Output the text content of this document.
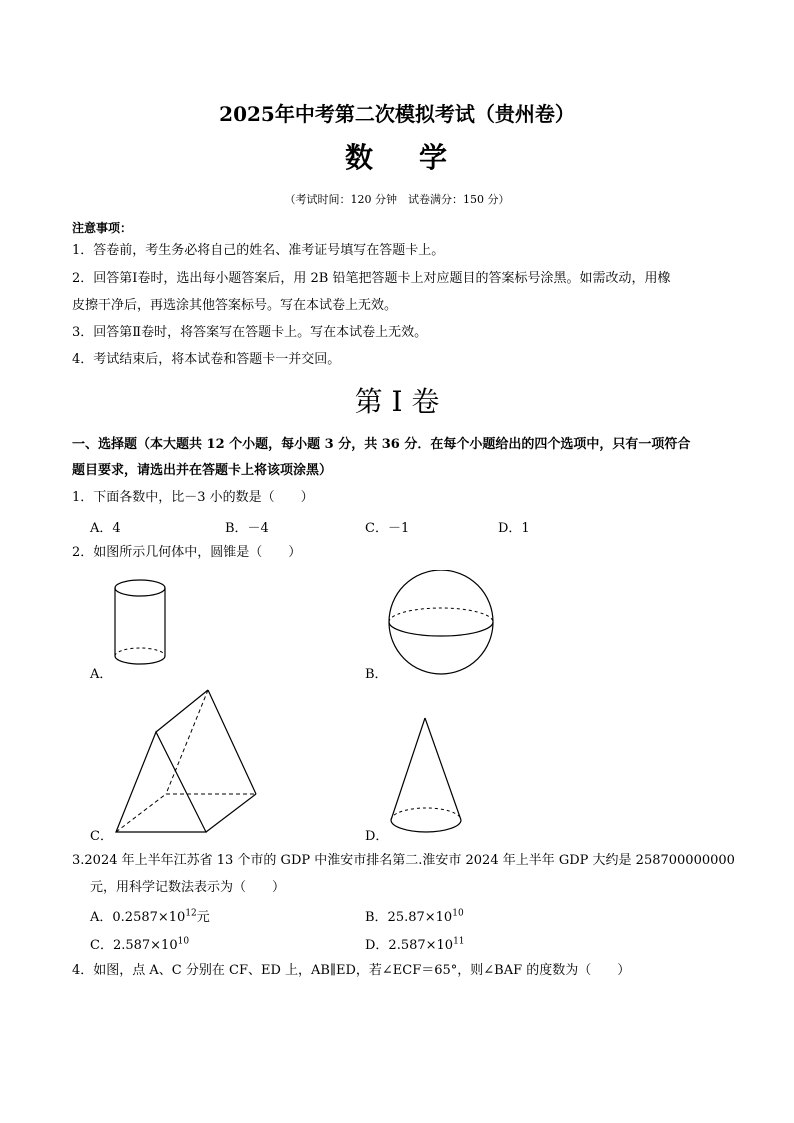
2025年中考第二次模拟考试（贵州卷）
数 学
（考试时间：120 分钟　试卷满分：150 分）
注意事项：
1．答卷前，考生务必将自己的姓名、准考证号填写在答题卡上。
2．回答第Ⅰ卷时，选出每小题答案后，用 2B 铅笔把答题卡上对应题目的答案标号涂黑。如需改动，用橡
皮擦干净后，再选涂其他答案标号。写在本试卷上无效。
3．回答第Ⅱ卷时，将答案写在答题卡上。写在本试卷上无效。
4．考试结束后，将本试卷和答题卡一并交回。
第 I 卷
一、选择题（本大题共 12 个小题，每小题 3 分，共 36 分．在每个小题给出的四个选项中，只有一项符合
题目要求，请选出并在答题卡上将该项涂黑）
1．下面各数中，比－3 小的数是（　　）
A．4	B．－4	C．－1	D．1
2．如图所示几何体中，圆锥是（　　）
A．	B．
C．	D．
3.2024 年上半年江苏省 13 个市的 GDP 中淮安市排名第二.淮安市 2024 年上半年 GDP 大约是 258700000000
元，用科学记数法表示为（　　）
A．$0.2587\times 10^{12}$元	B．$25.87\times 10^{10}$
C．$2.587\times 10^{10}$	D．$2.587\times 10^{11}$
4．如图，点 A、C 分别在 CF、ED 上，AB∥ED，若∠ECF＝65°，则∠BAF 的度数为（　　）
